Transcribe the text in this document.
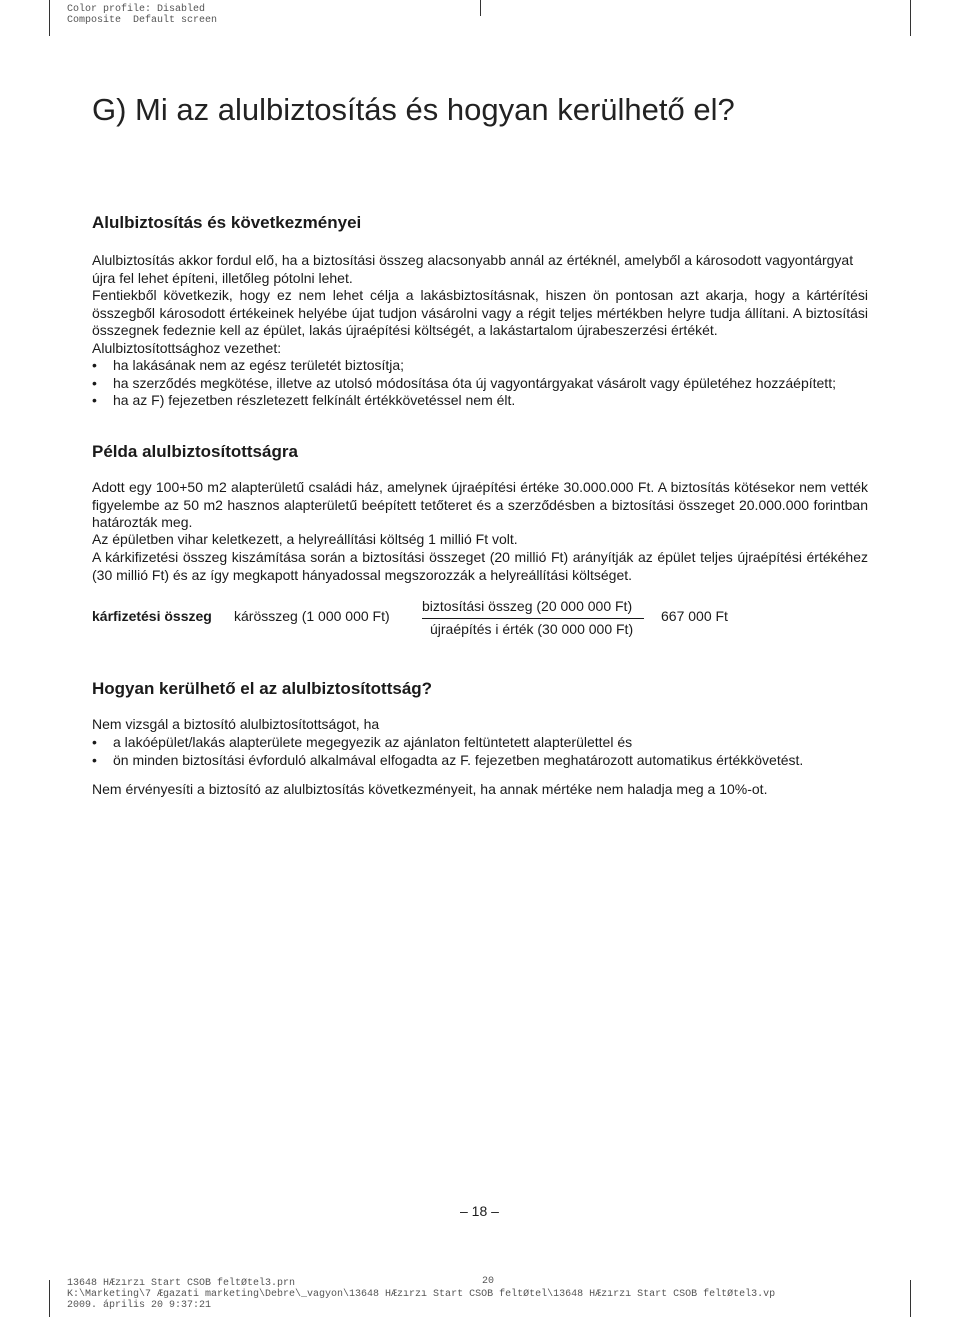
Color profile: Disabled
Composite  Default screen
G) Mi az alulbiztosítás és hogyan kerülhető el?
Alulbiztosítás és következményei

Alulbiztosítás akkor fordul elő, ha a biztosítási összeg alacsonyabb annál az értéknél, amelyből a károsodott vagyontárgyat újra fel lehet építeni, illetőleg pótolni lehet.

Fentiekből következik, hogy ez nem lehet célja a lakásbiztosításnak, hiszen ön pontosan azt akarja, hogy a kártérítési összegből károsodott értékeinek helyébe újat tudjon vásárolni vagy a régit teljes mértékben helyre tudja állítani. A biztosítási összegnek fedeznie kell az épület, lakás újraépítési költségét, a lakástartalom újrabeszerzési értékét.

Alulbiztosítottsághoz vezethet:

• ha lakásának nem az egész területét biztosítja;
• ha szerződés megkötése, illetve az utolsó módosítása óta új vagyontárgyakat vásárolt vagy épületéhez hozzáépített;
• ha az F) fejezetben részletezett felkínált értékkövetéssel nem élt.
Példa alulbiztosítottságra

Adott egy 100+50 m2 alapterületű családi ház, amelynek újraépítési értéke 30.000.000 Ft. A biztosítás kötésekor nem vették figyelembe az 50 m2 hasznos alapterületű beépített tetőteret és a szerződésben a biztosítási összeget 20.000.000 forintban határozták meg.

Az épületben vihar keletkezett, a helyreállítási költség 1 millió Ft volt.

A kárkifizetési összeg kiszámítása során a biztosítási összeget (20 millió Ft) arányítják az épület teljes újraépítési értékéhez (30 millió Ft) és az így megkapott hányadossal megszorozzák a helyreállítási költséget.

kárfizetési összeg kárösszeg (1 000 000 Ft)
biztosítási összeg (20 000 000 Ft)
újraépítés i érték (30 000 000 Ft)
667 000 Ft
Hogyan kerülhető el az alulbiztosítottság?

Nem vizsgál a biztosító alulbiztosítottságot, ha

• a lakóépület/lakás alapterülete megegyezik az ajánlaton feltüntetett alapterülettel és
• ön minden biztosítási évforduló alkalmával elfogadta az F. fejezetben meghatározott automatikus értékkövetést.

Nem érvényesíti a biztosító az alulbiztosítás következményeit, ha annak mértéke nem haladja meg a 10%-ot.

– 18 –
20
13648 HÆzırzı Start CSOB feltØtel3.prn
K:\Marketing\7 Ægazati marketing\Debre\_vagyon\13648 HÆzırzı Start CSOB feltØtel\13648 HÆzırzı Start CSOB feltØtel3.vp
2009. április 20 9:37:21
